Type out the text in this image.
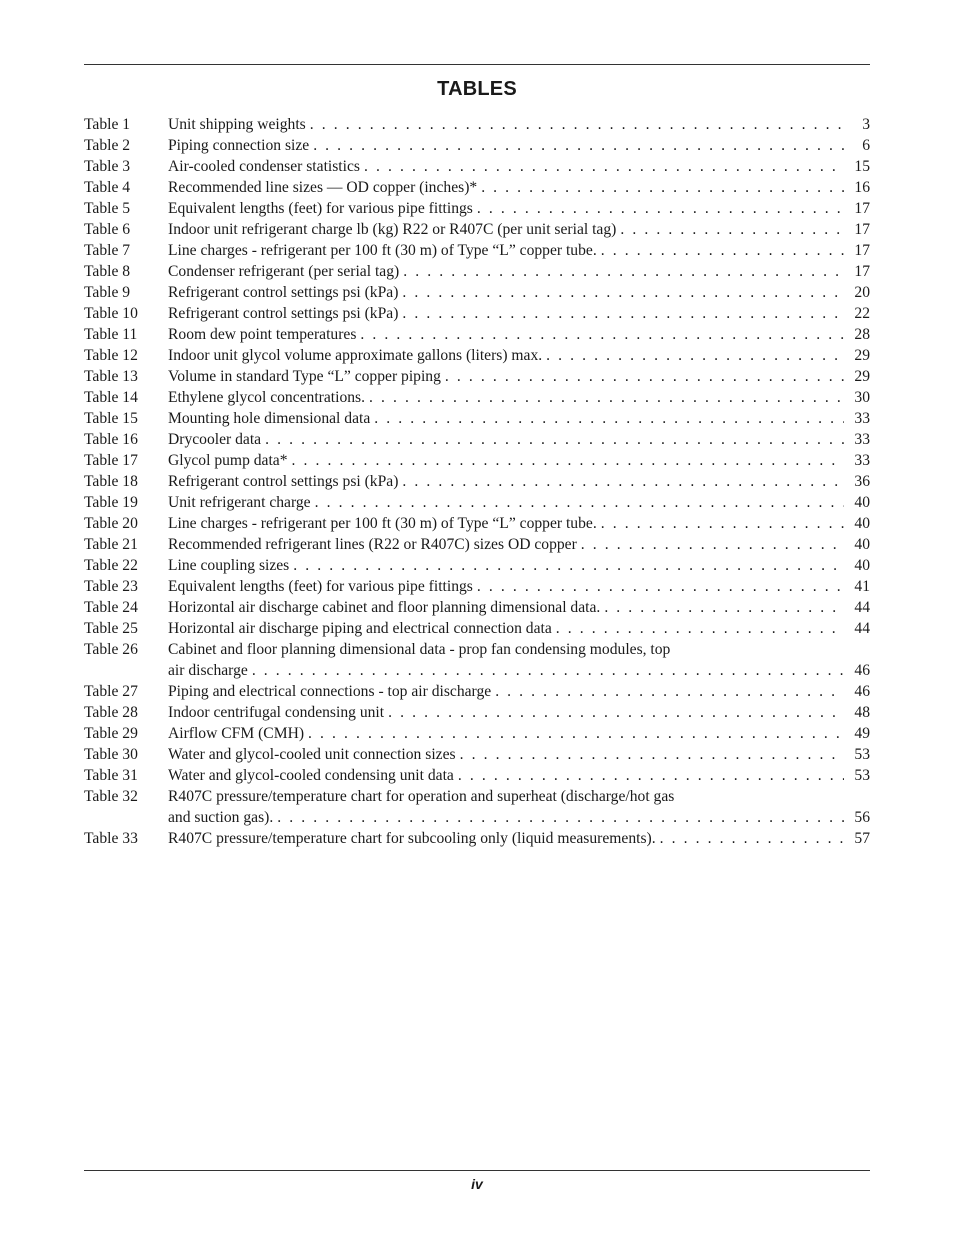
TABLES
Table 1	Unit shipping weights . . .	3
Table 2	Piping connection size . . .	6
Table 3	Air-cooled condenser statistics . . .	15
Table 4	Recommended line sizes — OD copper (inches)* . . .	16
Table 5	Equivalent lengths (feet) for various pipe fittings . . .	17
Table 6	Indoor unit refrigerant charge lb (kg) R22 or R407C (per unit serial tag) . . .	17
Table 7	Line charges - refrigerant per 100 ft (30 m) of Type “L” copper tube. . . .	17
Table 8	Condenser refrigerant (per serial tag) . . .	17
Table 9	Refrigerant control settings psi (kPa) . . .	20
Table 10	Refrigerant control settings psi (kPa) . . .	22
Table 11	Room dew point temperatures . . .	28
Table 12	Indoor unit glycol volume approximate gallons (liters) max. . . .	29
Table 13	Volume in standard Type “L” copper piping . . .	29
Table 14	Ethylene glycol concentrations. . . .	30
Table 15	Mounting hole dimensional data . . .	33
Table 16	Drycooler data . . .	33
Table 17	Glycol pump data* . . .	33
Table 18	Refrigerant control settings psi (kPa) . . .	36
Table 19	Unit refrigerant charge . . .	40
Table 20	Line charges - refrigerant per 100 ft (30 m) of Type “L” copper tube. . . .	40
Table 21	Recommended refrigerant lines (R22 or R407C) sizes OD copper . . .	40
Table 22	Line coupling sizes . . .	40
Table 23	Equivalent lengths (feet) for various pipe fittings . . .	41
Table 24	Horizontal air discharge cabinet and floor planning dimensional data. . . .	44
Table 25	Horizontal air discharge piping and electrical connection data . . .	44
Table 26	Cabinet and floor planning dimensional data - prop fan condensing modules, top
air discharge . . .	46
Table 27	Piping and electrical connections - top air discharge . . .	46
Table 28	Indoor centrifugal condensing unit . . .	48
Table 29	Airflow CFM (CMH) . . .	49
Table 30	Water and glycol-cooled unit connection sizes . . .	53
Table 31	Water and glycol-cooled condensing unit data . . .	53
Table 32	R407C pressure/temperature chart for operation and superheat (discharge/hot gas
and suction gas). . . .	56
Table 33	R407C pressure/temperature chart for subcooling only (liquid measurements). . . .	57
iv
